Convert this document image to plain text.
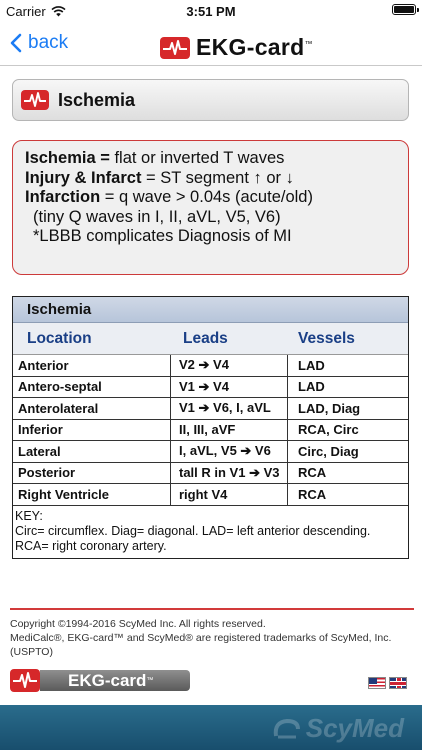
Carrier	3:51 PM
back	EKG-card™
Ischemia
Ischemia = flat or inverted T waves
Injury & Infarct = ST segment ↑ or ↓
Infarction = q wave > 0.04s (acute/old)
(tiny Q waves in I, II, aVL, V5, V6)
*LBBB complicates Diagnosis of MI
Ischemia
Location	Leads	Vessels
Anterior	V2 ➔ V4	LAD
Antero-septal	V1 ➔ V4	LAD
Anterolateral	V1 ➔ V6, I, aVL	LAD, Diag
Inferior	II, III, aVF	RCA, Circ
Lateral	I, aVL, V5 ➔ V6	Circ, Diag
Posterior	tall R in V1 ➔ V3	RCA
Right Ventricle	right V4	RCA
KEY:
Circ= circumflex. Diag= diagonal. LAD= left anterior descending. RCA= right coronary artery.
Copyright ©1994-2016 ScyMed Inc. All rights reserved.
MediCalc®, EKG-card™ and ScyMed® are registered trademarks of ScyMed, Inc. (USPTO)
EKG-card ™
ScyMed
